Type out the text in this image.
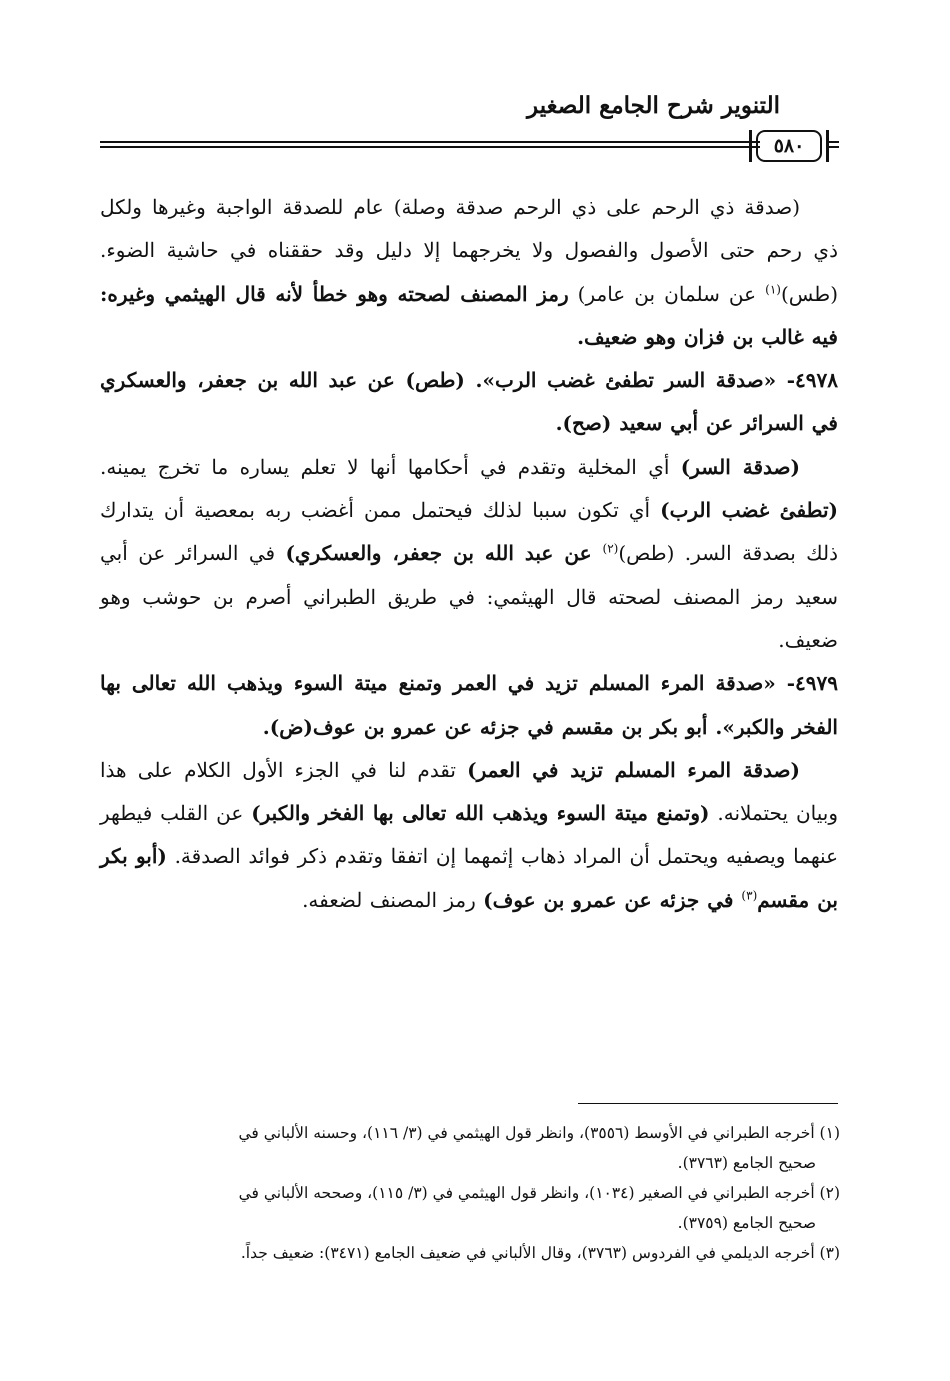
التنوير شرح الجامع الصغير
٥٨٠

(صدقة ذي الرحم على ذي الرحم صدقة وصلة) عام للصدقة الواجبة وغيرها ولكل ذي رحم حتى الأصول والفصول ولا يخرجهما إلا دليل وقد حققناه في حاشية الضوء. (طس)$^{(١)}$ عن سلمان بن عامر) رمز المصنف لصحته وهو خطأ لأنه قال الهيثمي وغيره: فيه غالب بن فزان وهو ضعيف.

٤٩٧٨- «صدقة السر تطفئ غضب الرب». (طص) عن عبد الله بن جعفر، والعسكري في السرائر عن أبي سعيد (صح).

(صدقة السر) أي المخلية وتقدم في أحكامها أنها لا تعلم يساره ما تخرج يمينه. (تطفئ غضب الرب) أي تكون سببا لذلك فيحتمل ممن أغضب ربه بمعصية أن يتدارك ذلك بصدقة السر. (طص)$^{(٢)}$ عن عبد الله بن جعفر، والعسكري) في السرائر عن أبي سعيد رمز المصنف لصحته قال الهيثمي: في طريق الطبراني أصرم بن حوشب وهو ضعيف.

٤٩٧٩- «صدقة المرء المسلم تزيد في العمر وتمنع ميتة السوء ويذهب الله تعالى بها الفخر والكبر». أبو بكر بن مقسم في جزئه عن عمرو بن عوف(ض).

(صدقة المرء المسلم تزيد في العمر) تقدم لنا في الجزء الأول الكلام على هذا وبيان يحتملانه. (وتمنع ميتة السوء ويذهب الله تعالى بها الفخر والكبر) عن القلب فيطهر عنهما ويصفيه ويحتمل أن المراد ذهاب إثمهما إن اتفقا وتقدم ذكر فوائد الصدقة. (أبو بكر بن مقسم$^{(٣)}$ في جزئه عن عمرو بن عوف) رمز المصنف لضعفه.

(١) أخرجه الطبراني في الأوسط (٣٥٥٦)، وانظر قول الهيثمي في (٣/ ١١٦)، وحسنه الألباني في

صحيح الجامع (٣٧٦٣).

(٢) أخرجه الطبراني في الصغير (١٠٣٤)، وانظر قول الهيثمي في (٣/ ١١٥)، وصححه الألباني في

صحيح الجامع (٣٧٥٩).

(٣) أخرجه الديلمي في الفردوس (٣٧٦٣)، وقال الألباني في ضعيف الجامع (٣٤٧١): ضعيف جداً.
